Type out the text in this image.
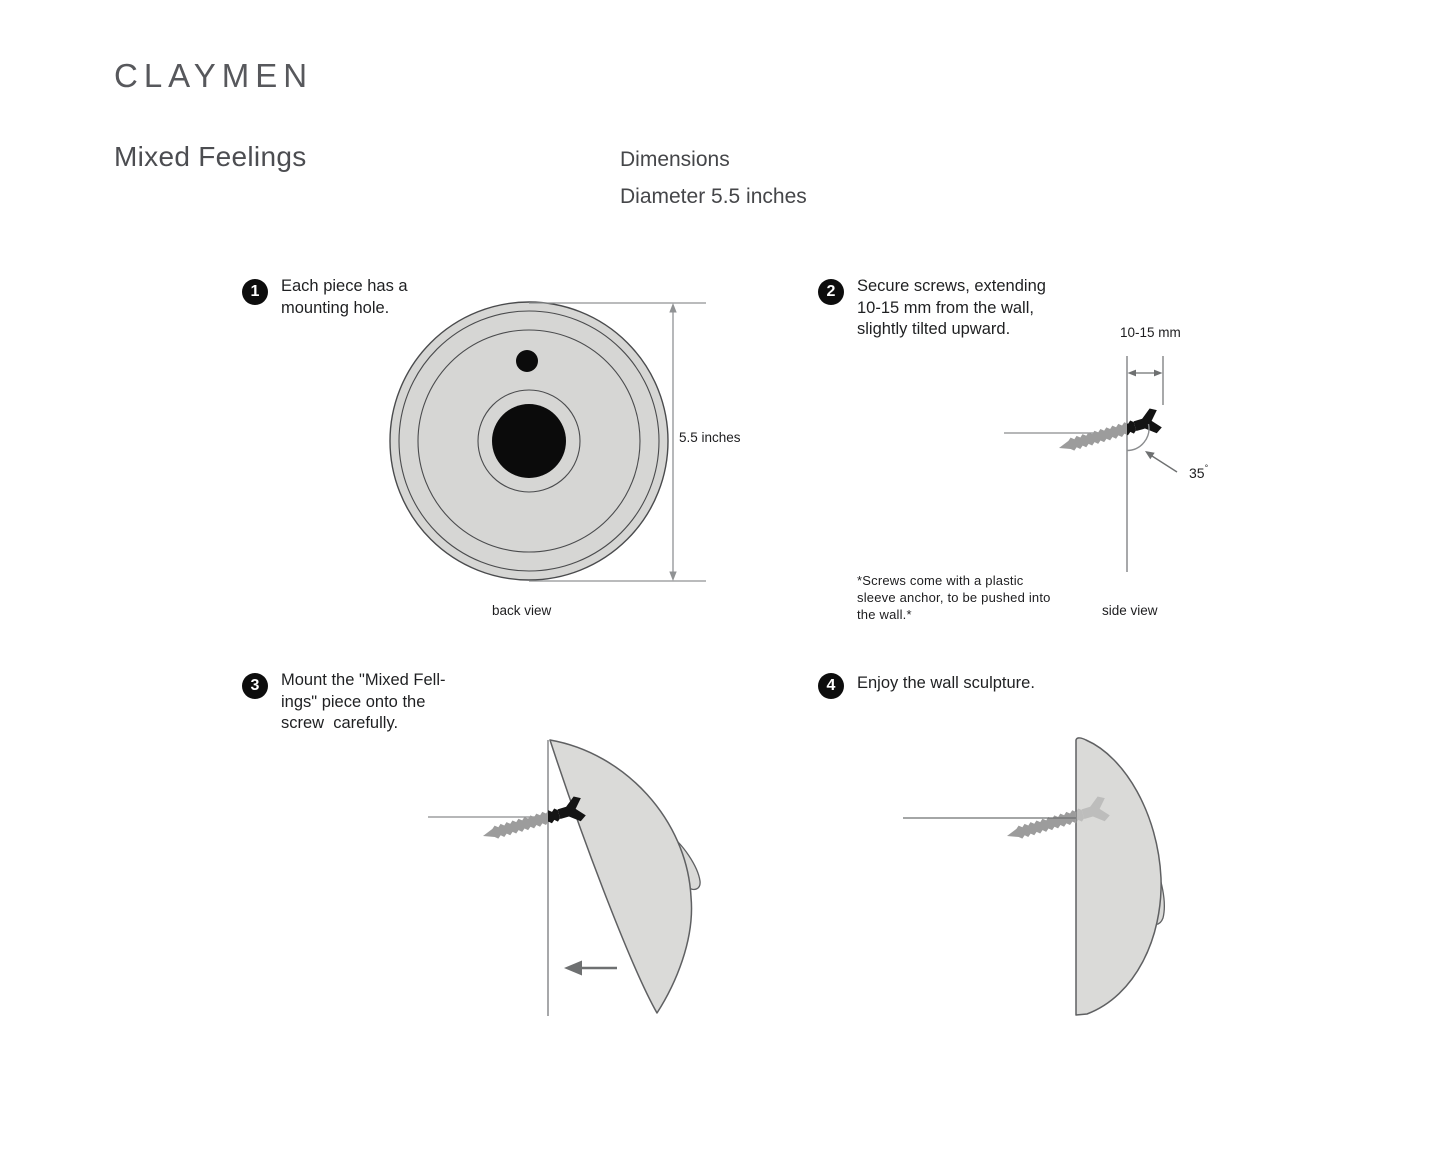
CLAYMEN
Mixed Feelings	Dimensions
Diameter 5.5 inches
1	Each piece has a
mounting hole.
2	Secure screws, extending
10-15 mm from the wall,
slightly tilted upward.
3	Mount the "Mixed Fell-
ings" piece onto the
screw  carefully.
4	Enjoy the wall sculpture.
5.5 inches
back view
10-15 mm
35°
*Screws come with a plastic
sleeve anchor, to be pushed into
the wall.*	side view
